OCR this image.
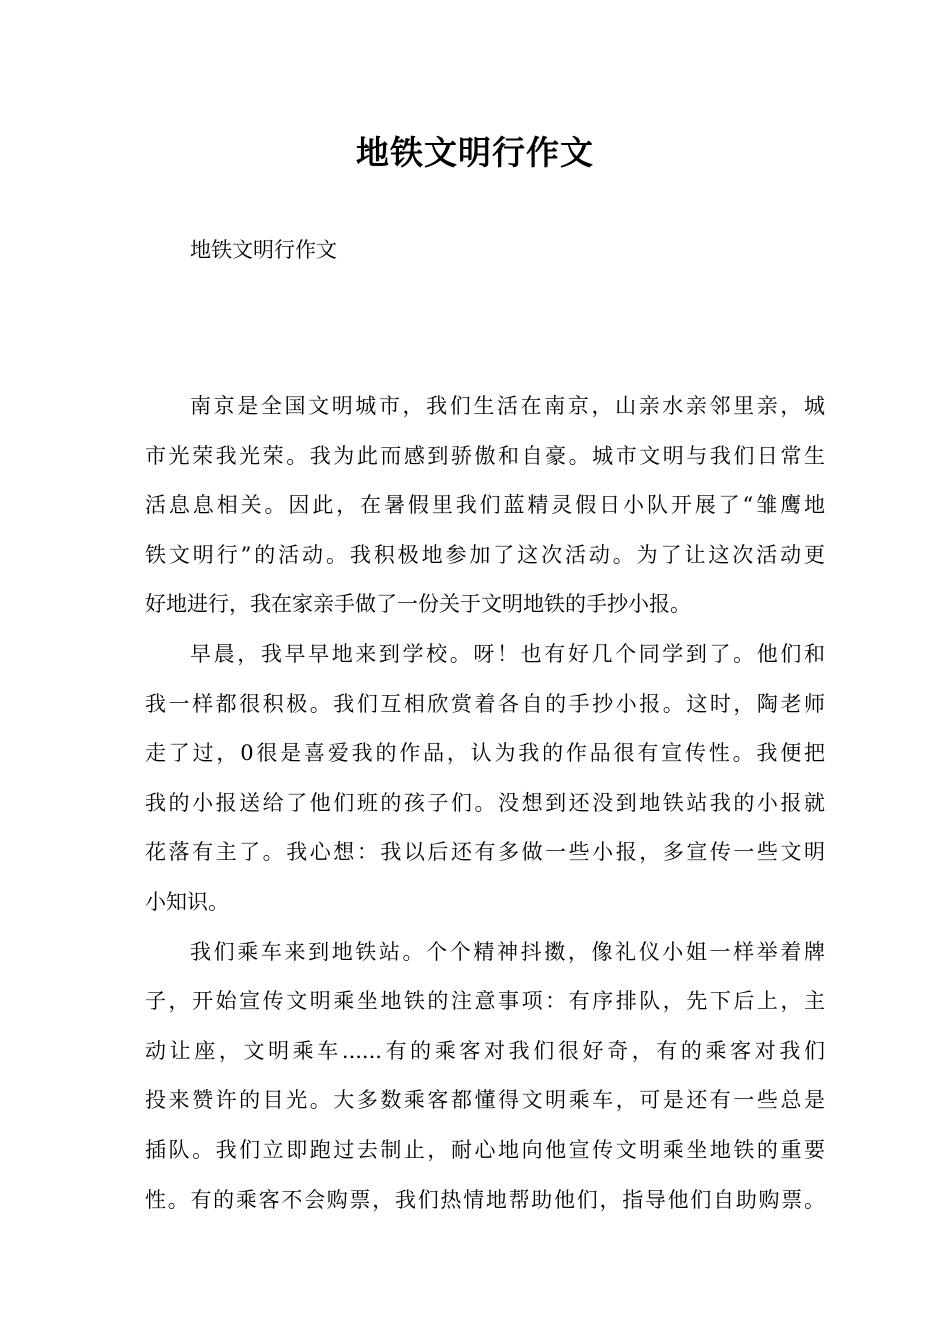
地铁文明行作文

地铁文明行作文

南京是全国文明城市，我们生活在南京，山亲水亲邻里亲，城
市光荣我光荣。我为此而感到骄傲和自豪。城市文明与我们日常生
活息息相关。因此，在暑假里我们蓝精灵假日小队开展了“雏鹰地
铁文明行”的活动。我积极地参加了这次活动。为了让这次活动更
好地进行，我在家亲手做了一份关于文明地铁的手抄小报。

早晨，我早早地来到学校。呀！也有好几个同学到了。他们和
我一样都很积极。我们互相欣赏着各自的手抄小报。这时，陶老师
走了过，0很是喜爱我的作品，认为我的作品很有宣传性。我便把
我的小报送给了他们班的孩子们。没想到还没到地铁站我的小报就
花落有主了。我心想：我以后还有多做一些小报，多宣传一些文明
小知识。

我们乘车来到地铁站。个个精神抖擞，像礼仪小姐一样举着牌
子，开始宣传文明乘坐地铁的注意事项：有序排队，先下后上，主
动让座，文明乘车......有的乘客对我们很好奇，有的乘客对我们
投来赞许的目光。大多数乘客都懂得文明乘车，可是还有一些总是
插队。我们立即跑过去制止，耐心地向他宣传文明乘坐地铁的重要
性。有的乘客不会购票，我们热情地帮助他们，指导他们自助购票。
